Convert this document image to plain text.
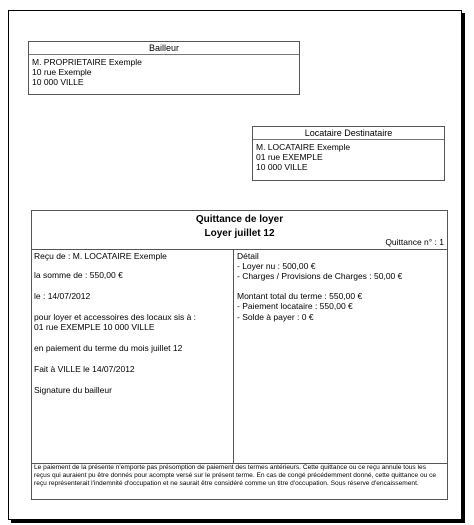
Bailleur
M. PROPRIETAIRE Exemple
10 rue Exemple
10 000 VILLE
Locataire Destinataire
M. LOCATAIRE Exemple
01 rue EXEMPLE
10 000 VILLE
Quittance de loyer
Loyer juillet 12
Quittance n° : 1
Reçu de : M. LOCATAIRE Exemple
la somme de : 550,00 €
le : 14/07/2012
pour loyer et accessoires des locaux sis à :
01 rue EXEMPLE 10 000 VILLE
en paiement du terme du mois juillet 12
Fait à VILLE le 14/07/2012
Signature du bailleur
Détail
- Loyer nu : 500,00 €
- Charges / Provisions de Charges : 50,00 €
Montant total du terme : 550,00 €
- Paiement locataire : 550,00 €
- Solde à payer : 0 €
Le paiement de la présente n'emporte pas présomption de paiement des termes antérieurs. Cette quittance ou ce reçu annule tous les reçus qui auraient pu être donnés pour acompte versé sur le présent terme. En cas de congé précédemment donné, cette quittance ou ce reçu représenterait l'indemnité d'occupation et ne saurait être considéré comme un titre d'occupation. Sous réserve d'encaissement.
